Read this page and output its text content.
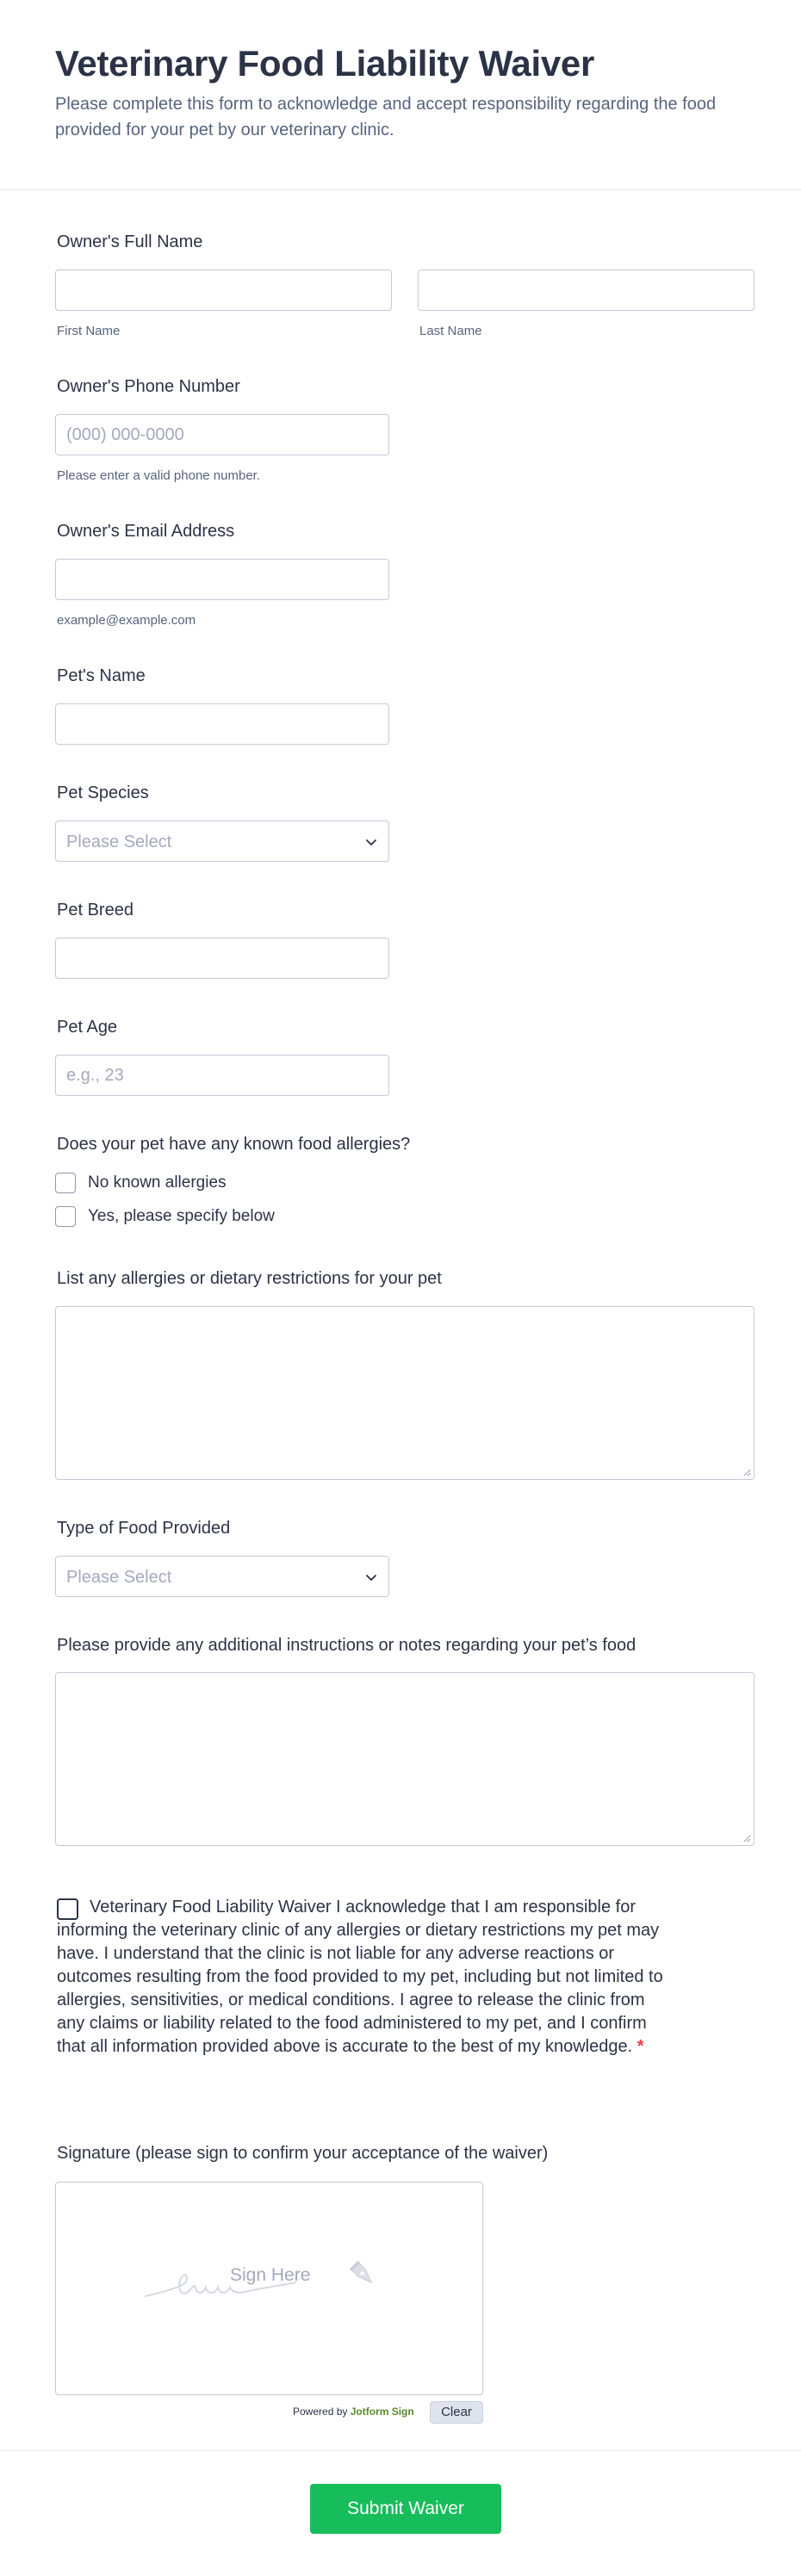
Veterinary Food Liability Waiver

Please complete this form to acknowledge and accept responsibility regarding the food provided for your pet by our veterinary clinic.

Owner's Full Name
First Name	Last Name
Owner's Phone Number
(000) 000-0000
Please enter a valid phone number.
Owner's Email Address
example@example.com
Pet's Name
Pet Species
Please Select
Pet Breed
Pet Age
e.g., 23
Does your pet have any known food allergies?
No known allergies
Yes, please specify below
List any allergies or dietary restrictions for your pet
Type of Food Provided
Please Select
Please provide any additional instructions or notes regarding your pet’s food
Veterinary Food Liability Waiver I acknowledge that I am responsible for informing the veterinary clinic of any allergies or dietary restrictions my pet may have. I understand that the clinic is not liable for any adverse reactions or outcomes resulting from the food provided to my pet, including but not limited to allergies, sensitivities, or medical conditions. I agree to release the clinic from any claims or liability related to the food administered to my pet, and I confirm that all information provided above is accurate to the best of my knowledge. *
Signature (please sign to confirm your acceptance of the waiver)
Sign Here
Powered by Jotform Sign	Clear
Submit Waiver
